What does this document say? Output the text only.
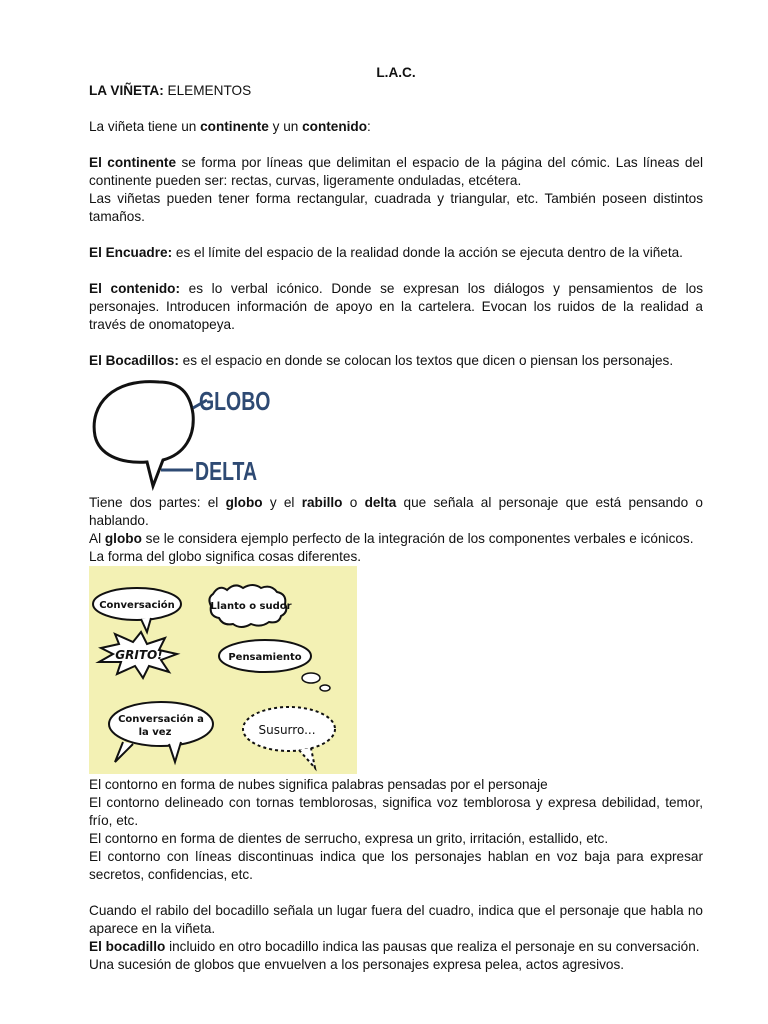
L.A.C.

LA VIÑETA: ELEMENTOS

La viñeta tiene un continente y un contenido:

El continente se forma por líneas que delimitan el espacio de la página del cómic. Las líneas del continente pueden ser: rectas, curvas, ligeramente onduladas, etcétera.

Las viñetas pueden tener forma rectangular, cuadrada y triangular, etc. También poseen distintos tamaños.

El Encuadre: es el límite del espacio de la realidad donde la acción se ejecuta dentro de la viñeta.

El contenido: es lo verbal icónico. Donde se expresan los diálogos y pensamientos de los personajes. Introducen información de apoyo en la cartelera. Evocan los ruidos de la realidad a través de onomatopeya.

El Bocadillos: es el espacio en donde se colocan los textos que dicen o piensan los personajes.

GLOBO
DELTA

Tiene dos partes: el globo y el rabillo o delta que señala al personaje que está pensando o hablando.

Al globo se le considera ejemplo perfecto de la integración de los componentes verbales e icónicos.

La forma del globo significa cosas diferentes.

Conversación	Llanto o sudor
GRITO!	Pensamiento
Conversación a
la vez	Susurro...

El contorno en forma de nubes significa palabras pensadas por el personaje

El contorno delineado con tornas temblorosas, significa voz temblorosa y expresa debilidad, temor, frío, etc.

El contorno en forma de dientes de serrucho, expresa un grito, irritación, estallido, etc.

El contorno con líneas discontinuas indica que los personajes hablan en voz baja para expresar secretos, confidencias, etc.

Cuando el rabilo del bocadillo señala un lugar fuera del cuadro, indica que el personaje que habla no aparece en la viñeta.

El bocadillo incluido en otro bocadillo indica las pausas que realiza el personaje en su conversación.

Una sucesión de globos que envuelven a los personajes expresa pelea, actos agresivos.
